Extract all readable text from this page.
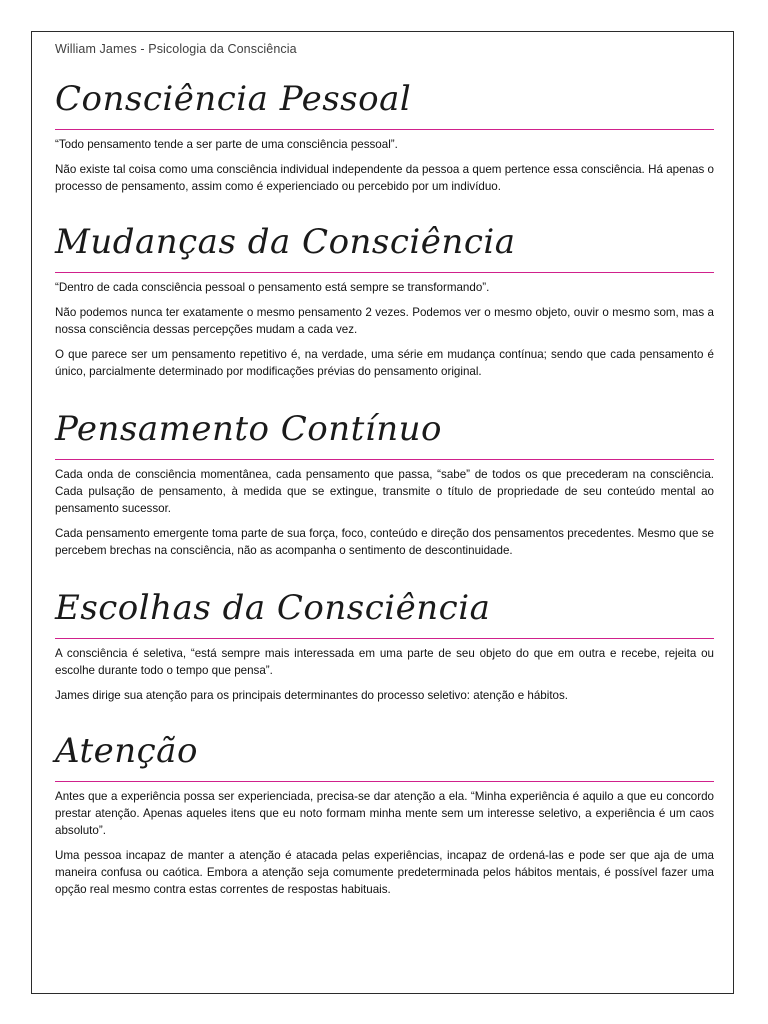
William James - Psicologia da Consciência
Consciência Pessoal

“Todo pensamento tende a ser parte de uma consciência pessoal”.

Não existe tal coisa como uma consciência individual independente da pessoa a quem pertence essa consciência. Há apenas o processo de pensamento, assim como é experienciado ou percebido por um indivíduo.

Mudanças da Consciência

“Dentro de cada consciência pessoal o pensamento está sempre se transformando”.

Não podemos nunca ter exatamente o mesmo pensamento 2 vezes. Podemos ver o mesmo objeto, ouvir o mesmo som, mas a nossa consciência dessas percepções mudam a cada vez.

O que parece ser um pensamento repetitivo é, na verdade, uma série em mudança contínua; sendo que cada pensamento é único, parcialmente determinado por modificações prévias do pensamento original.

Pensamento Contínuo

Cada onda de consciência momentânea, cada pensamento que passa, “sabe” de todos os que precederam na consciência. Cada pulsação de pensamento, à medida que se extingue, transmite o título de propriedade de seu conteúdo mental ao pensamento sucessor.

Cada pensamento emergente toma parte de sua força, foco, conteúdo e direção dos pensamentos precedentes. Mesmo que se percebem brechas na consciência, não as acompanha o sentimento de descontinuidade.

Escolhas da Consciência

A consciência é seletiva, “está sempre mais interessada em uma parte de seu objeto do que em outra e recebe, rejeita ou escolhe durante todo o tempo que pensa”.

James dirige sua atenção para os principais determinantes do processo seletivo: atenção e hábitos.

Atenção

Antes que a experiência possa ser experienciada, precisa-se dar atenção a ela. “Minha experiência é aquilo a que eu concordo prestar atenção. Apenas aqueles itens que eu noto formam minha mente sem um interesse seletivo, a experiência é um caos absoluto”.

Uma pessoa incapaz de manter a atenção é atacada pelas experiências, incapaz de ordená-las e pode ser que aja de uma maneira confusa ou caótica. Embora a atenção seja comumente predeterminada pelos hábitos mentais, é possível fazer uma opção real mesmo contra estas correntes de respostas habituais.
